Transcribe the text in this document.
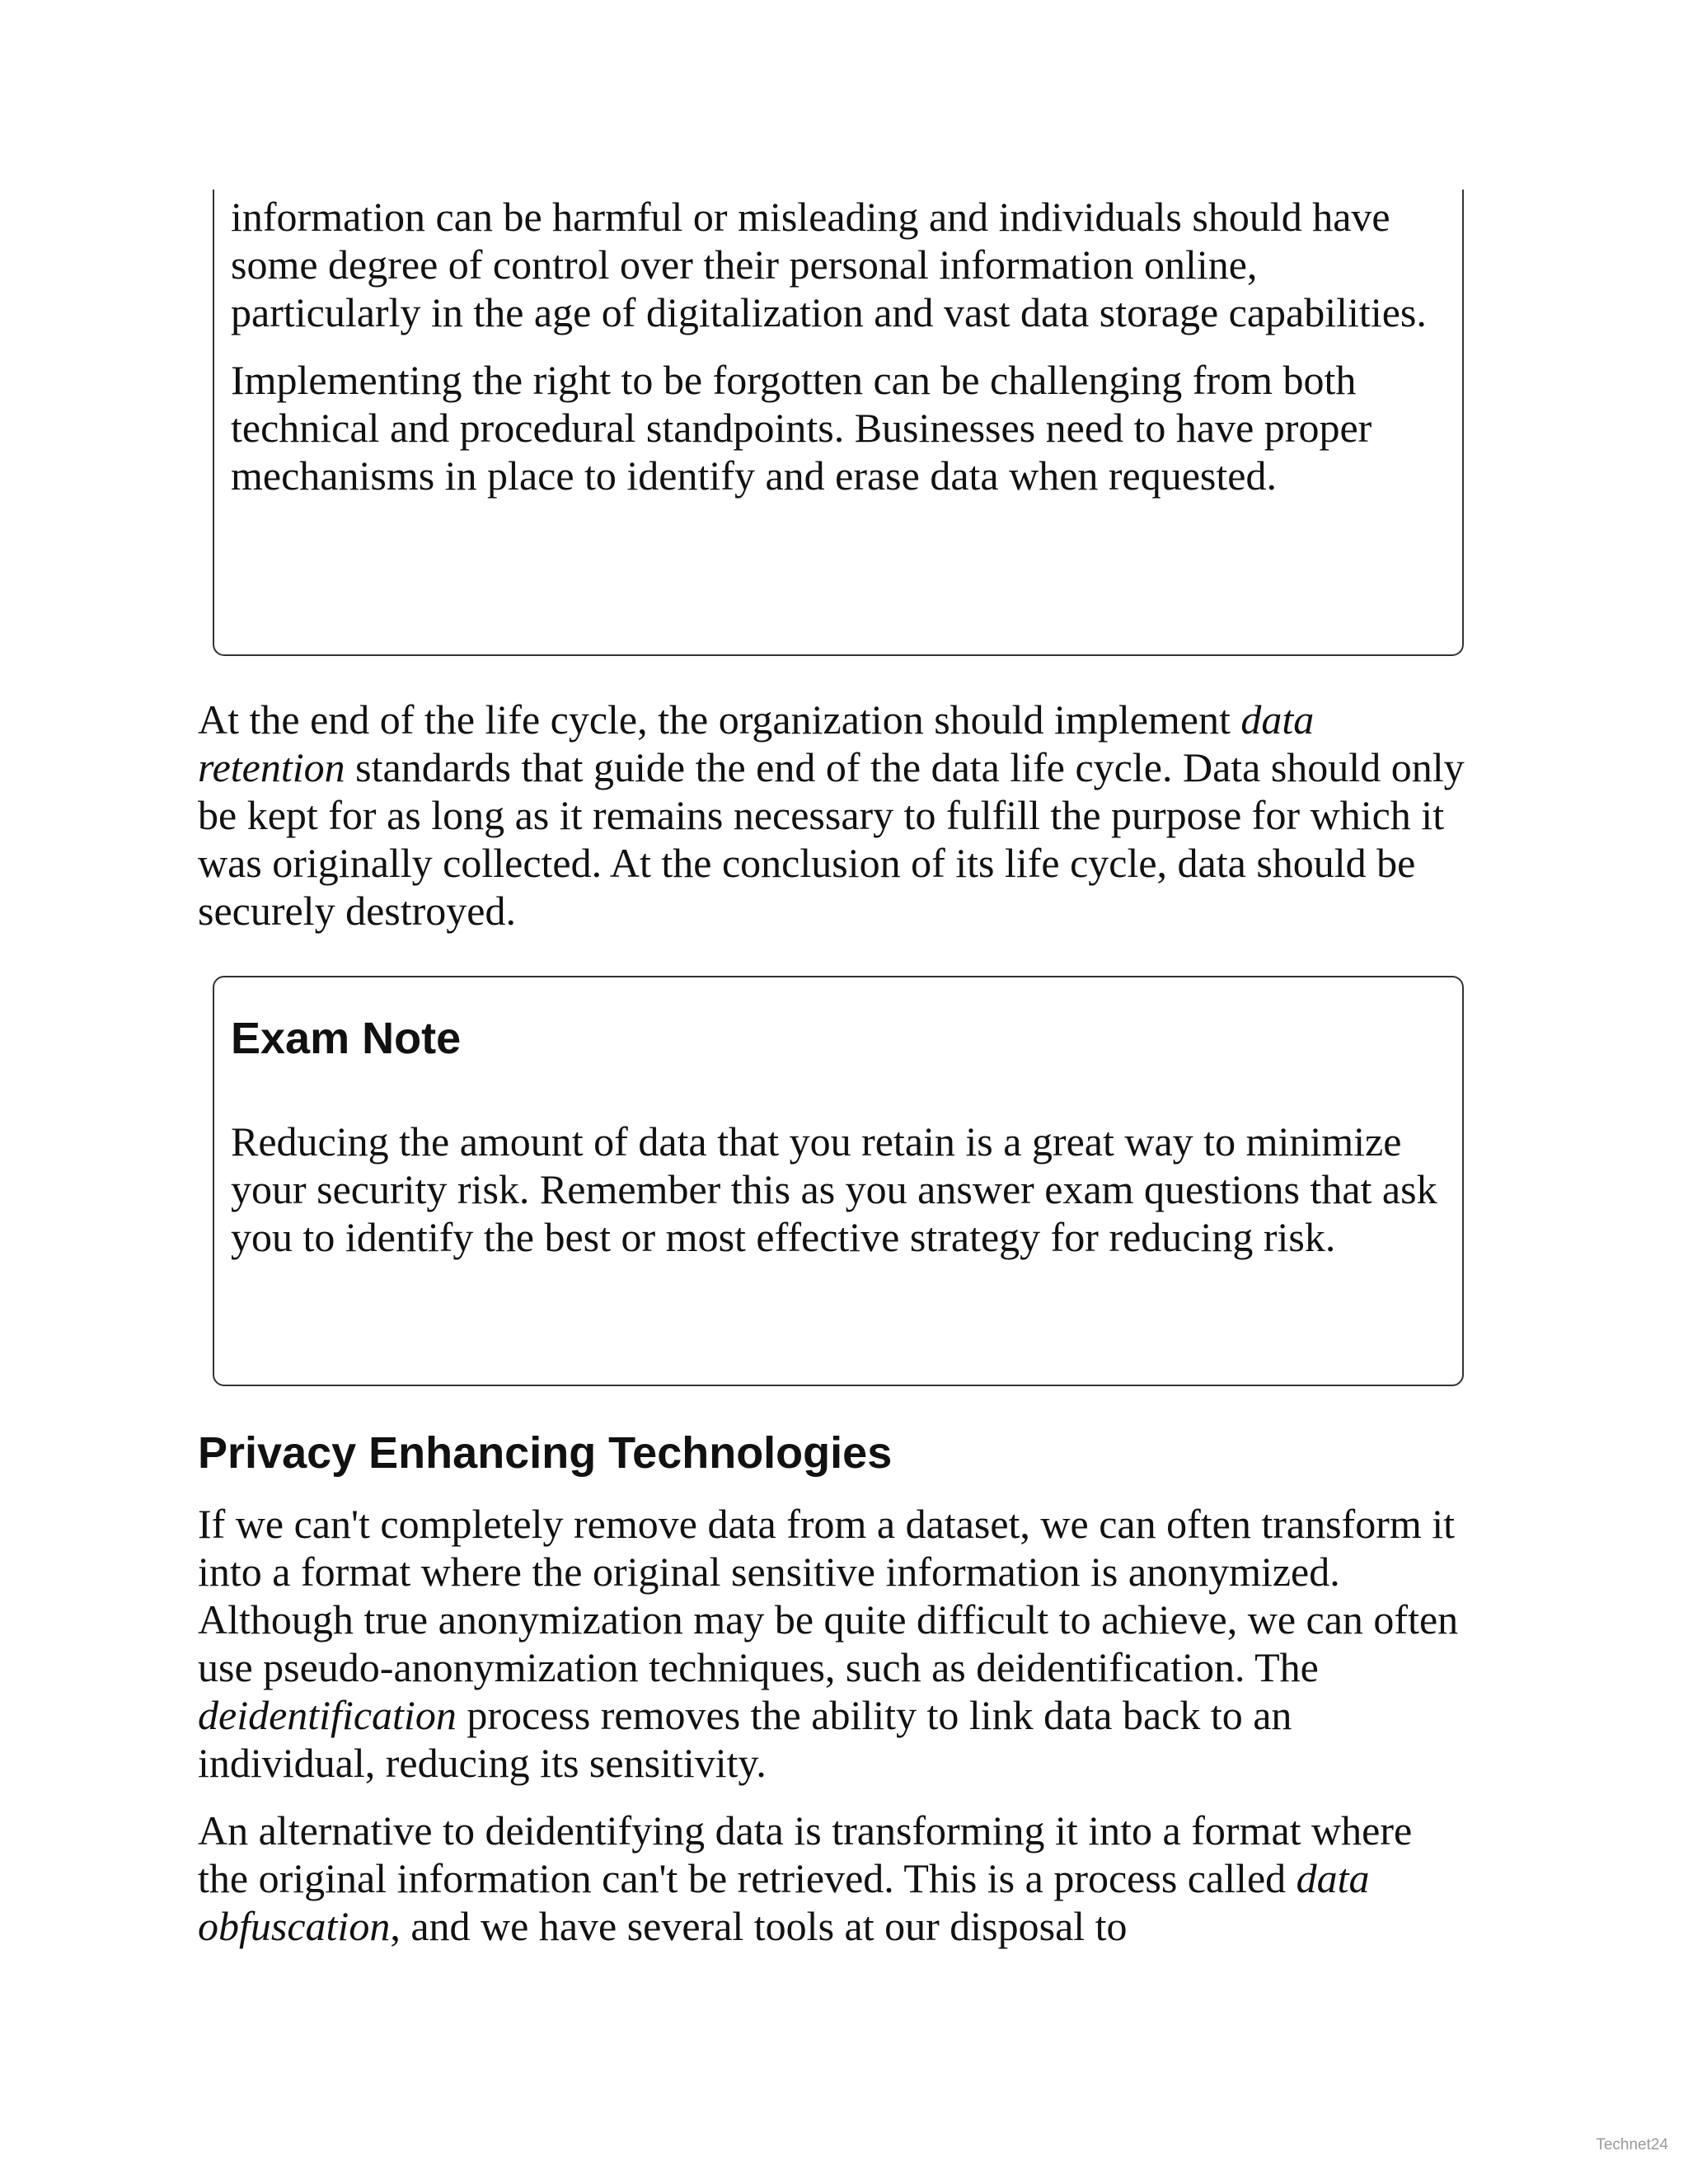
information can be harmful or misleading and individuals should have some degree of control over their personal information online, particularly in the age of digitalization and vast data storage capabilities.

Implementing the right to be forgotten can be challenging from both technical and procedural standpoints. Businesses need to have proper mechanisms in place to identify and erase data when requested.

At the end of the life cycle, the organization should implement data retention standards that guide the end of the data life cycle. Data should only be kept for as long as it remains necessary to fulfill the purpose for which it was originally collected. At the conclusion of its life cycle, data should be securely destroyed.

Exam Note

Reducing the amount of data that you retain is a great way to minimize your security risk. Remember this as you answer exam questions that ask you to identify the best or most effective strategy for reducing risk.

Privacy Enhancing Technologies

If we can't completely remove data from a dataset, we can often transform it into a format where the original sensitive information is anonymized. Although true anonymization may be quite difficult to achieve, we can often use pseudo-anonymization techniques, such as deidentification. The deidentification process removes the ability to link data back to an individual, reducing its sensitivity.

An alternative to deidentifying data is transforming it into a format where the original information can't be retrieved. This is a process called data obfuscation, and we have several tools at our disposal to

Technet24
